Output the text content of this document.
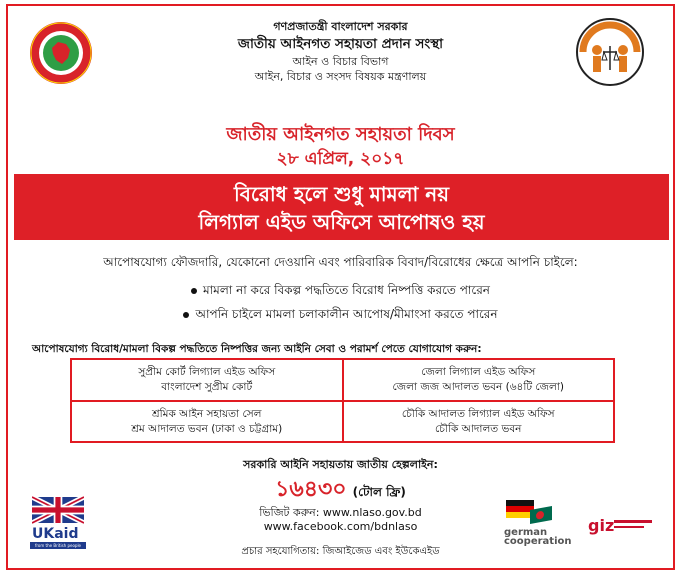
গণপ্রজাতন্ত্রী বাংলাদেশ সরকার
জাতীয় আইনগত সহায়তা প্রদান সংস্থা
আইন ও বিচার বিভাগ
আইন, বিচার ও সংসদ বিষয়ক মন্ত্রণালয়
জাতীয় আইনগত সহায়তা দিবস
২৮ এপ্রিল, ২০১৭
বিরোধ হলে শুধু মামলা নয়
লিগ্যাল এইড অফিসে আপোষও হয়
আপোষযোগ্য ফৌজদারি, যেকোনো দেওয়ানি এবং পারিবারিক বিবাদ/বিরোধের ক্ষেত্রে আপনি চাইলে:
মামলা না করে বিকল্প পদ্ধতিতে বিরোধ নিষ্পত্তি করতে পারেন
আপনি চাইলে মামলা চলাকালীন আপোষ/মীমাংসা করতে পারেন
আপোষযোগ্য বিরোধ/মামলা বিকল্প পদ্ধতিতে নিষ্পত্তির জন্য আইনি সেবা ও পরামর্শ পেতে যোগাযোগ করুন:
সুপ্রীম কোর্ট লিগ্যাল এইড অফিস
বাংলাদেশ সুপ্রীম কোর্ট
জেলা লিগ্যাল এইড অফিস
জেলা জজ আদালত ভবন (৬৪টি জেলা)
শ্রমিক আইন সহায়তা সেল
শ্রম আদালত ভবন (ঢাকা ও চট্টগ্রাম)
চৌকি আদালত লিগ্যাল এইড অফিস
চৌকি আদালত ভবন
সরকারি আইনি সহায়তায় জাতীয় হেল্পলাইন:
১৬৪৩০ (টোল ফ্রি)
ভিজিট করুন: www.nlaso.gov.bd
www.facebook.com/bdnlaso
প্রচার সহযোগিতায়: জিআইজেড এবং ইউকেএইড
UKaid
from the British people
german cooperation
giz
